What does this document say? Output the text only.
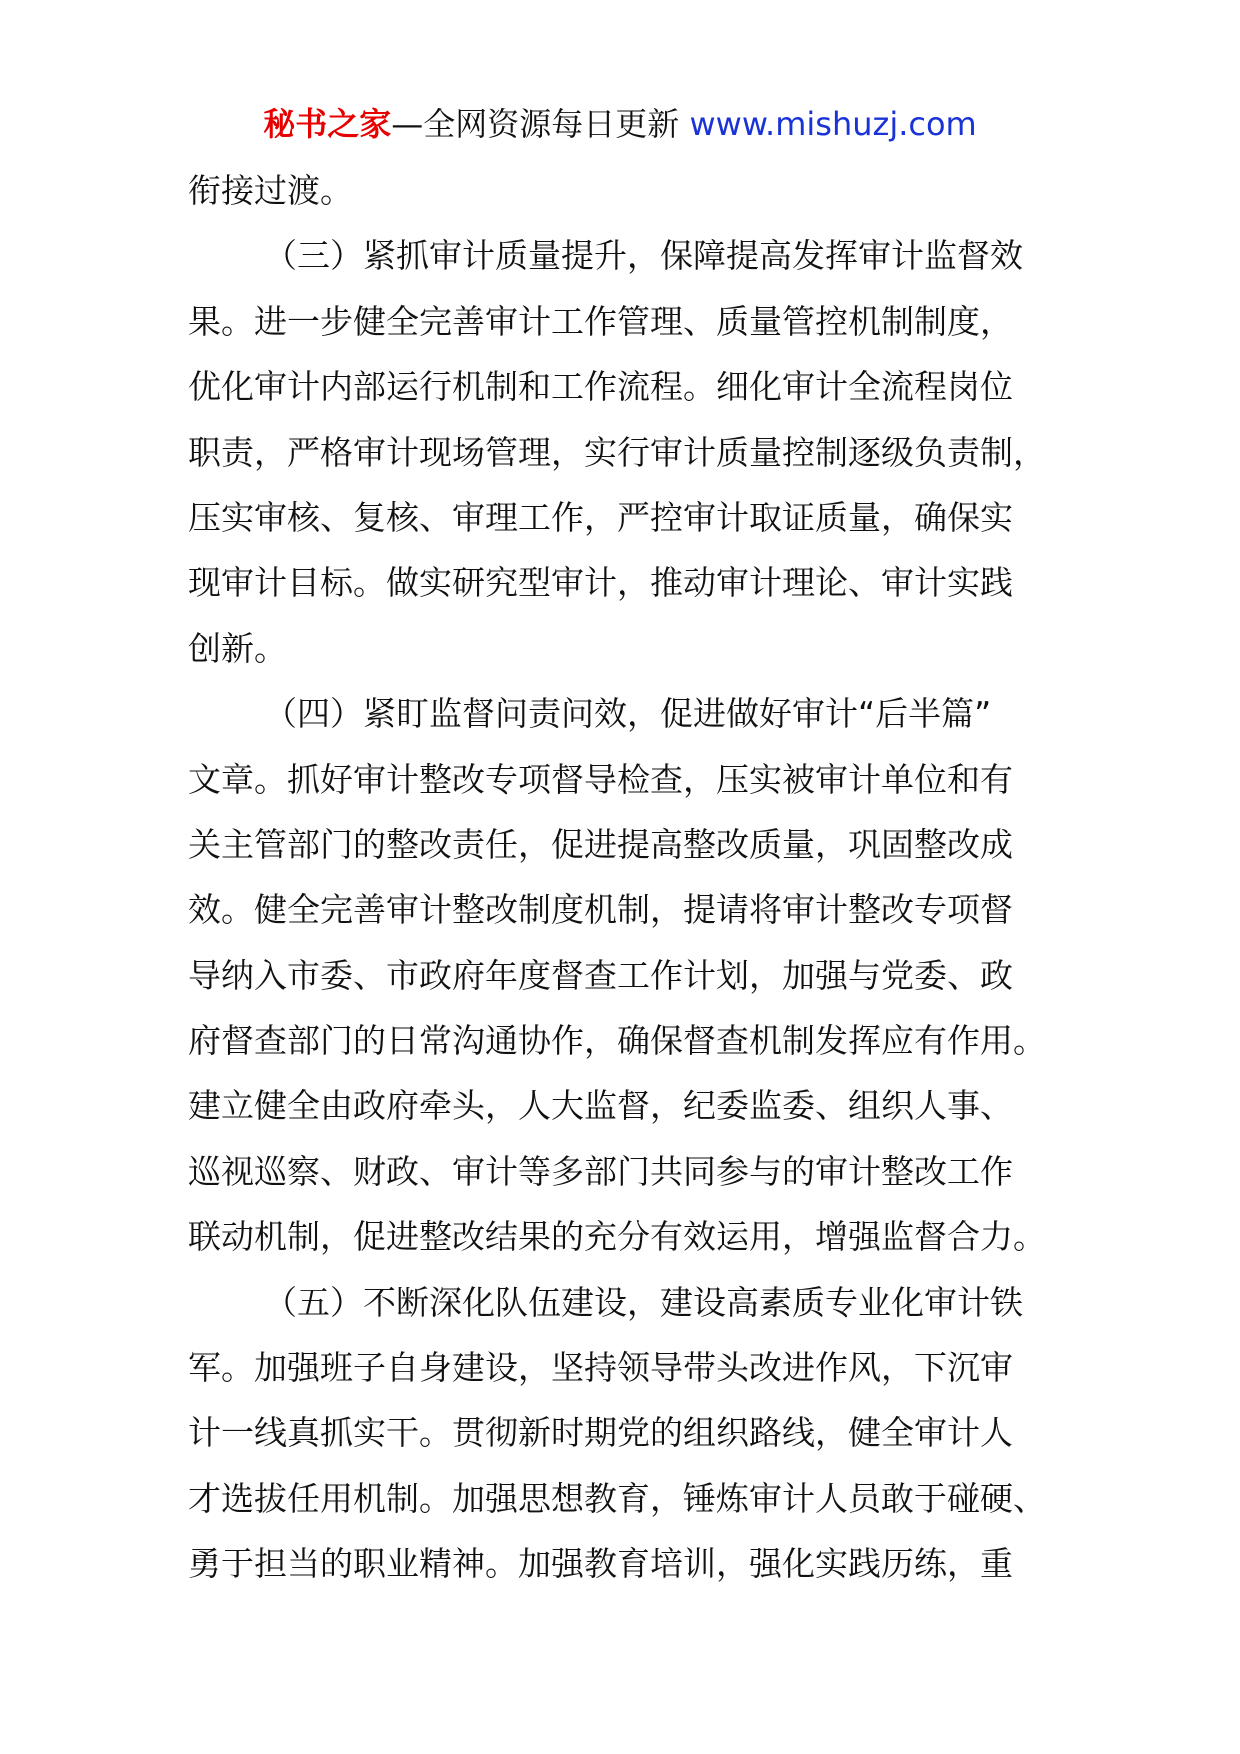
秘书之家—全网资源每日更新 www.mishuzj.com
衔接过渡。
（三）紧抓审计质量提升，保障提高发挥审计监督效
果。进一步健全完善审计工作管理、质量管控机制制度，
优化审计内部运行机制和工作流程。细化审计全流程岗位
职责，严格审计现场管理，实行审计质量控制逐级负责制，
压实审核、复核、审理工作，严控审计取证质量，确保实
现审计目标。做实研究型审计，推动审计理论、审计实践
创新。
（四）紧盯监督问责问效，促进做好审计“后半篇”
文章。抓好审计整改专项督导检查，压实被审计单位和有
关主管部门的整改责任，促进提高整改质量，巩固整改成
效。健全完善审计整改制度机制，提请将审计整改专项督
导纳入市委、市政府年度督查工作计划，加强与党委、政
府督查部门的日常沟通协作，确保督查机制发挥应有作用。
建立健全由政府牵头，人大监督，纪委监委、组织人事、
巡视巡察、财政、审计等多部门共同参与的审计整改工作
联动机制，促进整改结果的充分有效运用，增强监督合力。
（五）不断深化队伍建设，建设高素质专业化审计铁
军。加强班子自身建设，坚持领导带头改进作风，下沉审
计一线真抓实干。贯彻新时期党的组织路线，健全审计人
才选拔任用机制。加强思想教育，锤炼审计人员敢于碰硬、
勇于担当的职业精神。加强教育培训，强化实践历练，重
